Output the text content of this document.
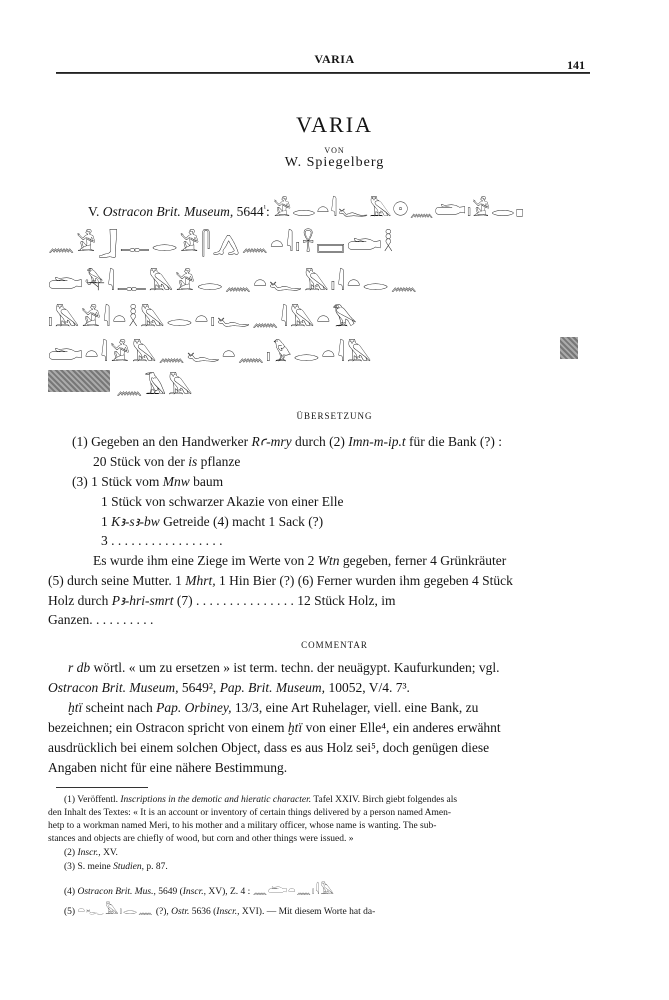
VARIA	141
VARIA
VON
W. Spiegelberg
V. Ostracon Brit. Museum, $5644^{^1}$: 𓀀𓂋𓏏𓇋𓆑𓅓𓇳𓈖𓂧𓏤𓀀𓂋𓊪
𓈖𓀀𓃀𓊃𓂋𓀀𓋴𓂻𓈖𓏏𓇋𓏤𓋹𓈙𓂧𓎛
𓂧𓅆𓇋𓊃𓅓𓀀𓂋𓈖𓏏𓆑𓅓𓏤𓇋𓏏𓂋𓈖
𓏤𓅓𓀀𓇋𓏏𓎛𓅓𓂋𓏏𓏤𓆑𓈖𓇋𓅓𓏏𓅃
𓂧𓏏𓇋𓀀𓅓𓈖𓆑𓏏𓈖𓏤𓅱𓂋𓏏𓇋𓅓
𓈖𓄿𓅓
ÜBERSETZUNG
(1) Gegeben an den Handwerker Rꜥ-mry durch (2) Imn-m-ip.t für die Bank (?) :
20 Stück von der is pflanze
(3) 1 Stück vom Mnw baum
1 Stück von schwarzer Akazie von einer Elle
1 Kꜣ-sꜣ-bw Getreide (4) macht 1 Sack (?)
3 . . . . . . . . . . . . . . . . .
Es wurde ihm eine Ziege im Werte von 2 Wtn gegeben, ferner 4 Grünkräuter
(5) durch seine Mutter. 1 Mhrt, 1 Hin Bier (?) (6) Ferner wurden ihm gegeben 4 Stück
Holz durch Pꜣ-hri-smrt (7) . . . . . . . . . . . . . . . 12 Stück Holz, im
Ganzen. . . . . . . . . .
COMMENTAR
r db wörtl. « um zu ersetzen » ist term. techn. der neuägypt. Kaufurkunden; vgl.
Ostracon Brit. Museum, 5649², Pap. Brit. Museum, 10052, V/4. 7³.
ḫtï scheint nach Pap. Orbiney, 13/3, eine Art Ruhelager, viell. eine Bank, zu
bezeichnen; ein Ostracon spricht von einem ḫtï von einer Elle⁴, ein anderes erwähnt
ausdrücklich bei einem solchen Object, dass es aus Holz sei⁵, doch genügen diese
Angaben nicht für eine nähere Bestimmung.
(1) Veröffentl. Inscriptions in the demotic and hieratic character. Tafel XXIV. Birch giebt folgendes als
den Inhalt des Textes: « It is an account or inventory of certain things delivered by a person named Amen-
hetp to a workman named Meri, to his mother and a military officer, whose name is wanting. The sub-
stances and objects are chiefly of wood, but corn and other things were issued. »
(2) Inscr., XV.
(3) S. meine Studien, p. 87.
(4) Ostracon Brit. Mus., 5649 (Inscr., XV), Z. 4 : 𓈖𓂧𓏏𓈖𓏤𓇋𓅓
(5) 𓏏𓆑𓅓𓏤𓂋𓈖 (?), Ostr. 5636 (Inscr., XVI). — Mit diesem Worte hat da-
